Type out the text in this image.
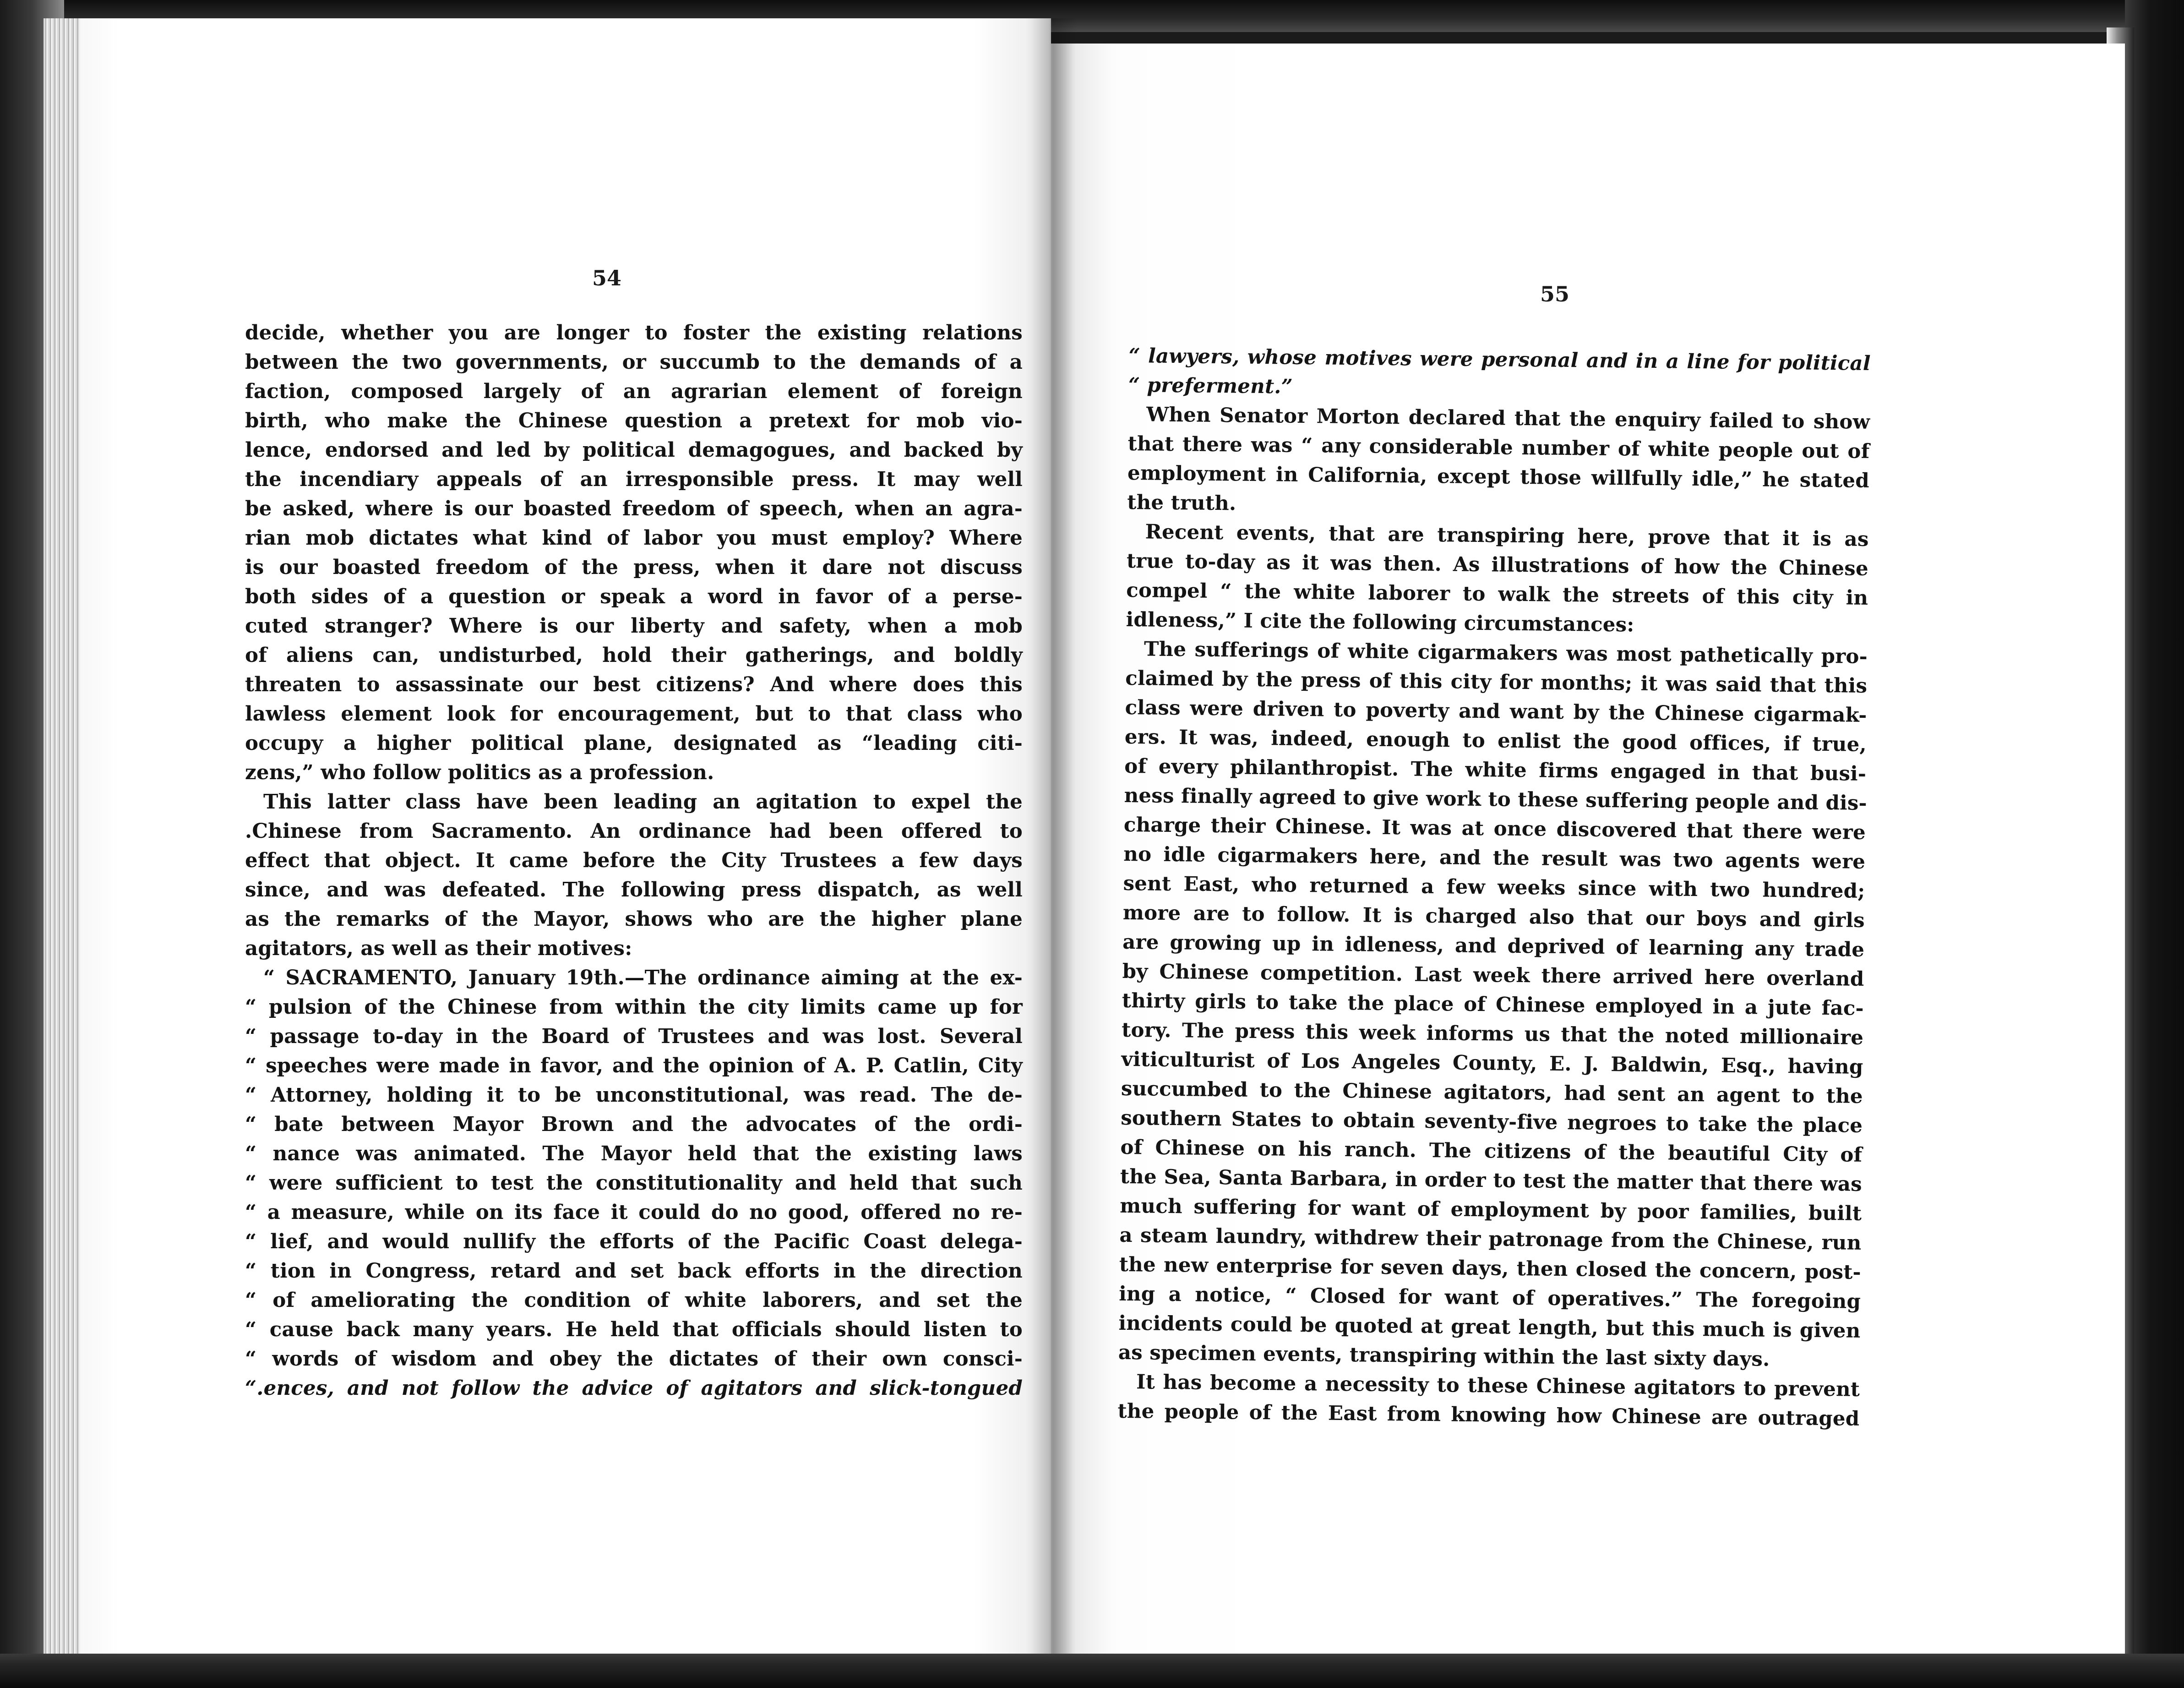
55
“ lawyers, whose motives were personal and in a line for political
“ preferment.”
When Senator Morton declared that the enquiry failed to show
that there was “ any considerable number of white people out of
employment in California, except those willfully idle,” he stated
the truth.
Recent events, that are transpiring here, prove that it is as
true to-day as it was then. As illustrations of how the Chinese
compel “ the white laborer to walk the streets of this city in
idleness,” I cite the following circumstances:
The sufferings of white cigarmakers was most pathetically pro-
claimed by the press of this city for months; it was said that this
class were driven to poverty and want by the Chinese cigarmak-
ers. It was, indeed, enough to enlist the good offices, if true,
of every philanthropist. The white firms engaged in that busi-
ness finally agreed to give work to these suffering people and dis-
charge their Chinese. It was at once discovered that there were
no idle cigarmakers here, and the result was two agents were
sent East, who returned a few weeks since with two hundred;
more are to follow. It is charged also that our boys and girls
are growing up in idleness, and deprived of learning any trade
by Chinese competition. Last week there arrived here overland
thirty girls to take the place of Chinese employed in a jute fac-
tory. The press this week informs us that the noted millionaire
viticulturist of Los Angeles County, E. J. Baldwin, Esq., having
succumbed to the Chinese agitators, had sent an agent to the
southern States to obtain seventy-five negroes to take the place
of Chinese on his ranch. The citizens of the beautiful City of
the Sea, Santa Barbara, in order to test the matter that there was
much suffering for want of employment by poor families, built
a steam laundry, withdrew their patronage from the Chinese, run
the new enterprise for seven days, then closed the concern, post-
ing a notice, “ Closed for want of operatives.” The foregoing
incidents could be quoted at great length, but this much is given
as specimen events, transpiring within the last sixty days.
It has become a necessity to these Chinese agitators to prevent
the people of the East from knowing how Chinese are outraged
54
decide, whether you are longer to foster the existing relations
between the two governments, or succumb to the demands of a
faction, composed largely of an agrarian element of foreign
birth, who make the Chinese question a pretext for mob vio-
lence, endorsed and led by political demagogues, and backed by
the incendiary appeals of an irresponsible press. It may well
be asked, where is our boasted freedom of speech, when an agra-
rian mob dictates what kind of labor you must employ? Where
is our boasted freedom of the press, when it dare not discuss
both sides of a question or speak a word in favor of a perse-
cuted stranger? Where is our liberty and safety, when a mob
of aliens can, undisturbed, hold their gatherings, and boldly
threaten to assassinate our best citizens? And where does this
lawless element look for encouragement, but to that class who
occupy a higher political plane, designated as “leading citi-
zens,” who follow politics as a profession.
This latter class have been leading an agitation to expel the
.Chinese from Sacramento. An ordinance had been offered to
effect that object. It came before the City Trustees a few days
since, and was defeated. The following press dispatch, as well
as the remarks of the Mayor, shows who are the higher plane
agitators, as well as their motives:
“ SACRAMENTO, January 19th.—The ordinance aiming at the ex-
“ pulsion of the Chinese from within the city limits came up for
“ passage to-day in the Board of Trustees and was lost. Several
“ speeches were made in favor, and the opinion of A. P. Catlin, City
“ Attorney, holding it to be unconstitutional, was read. The de-
“ bate between Mayor Brown and the advocates of the ordi-
“ nance was animated. The Mayor held that the existing laws
“ were sufficient to test the constitutionality and held that such
“ a measure, while on its face it could do no good, offered no re-
“ lief, and would nullify the efforts of the Pacific Coast delega-
“ tion in Congress, retard and set back efforts in the direction
“ of ameliorating the condition of white laborers, and set the
“ cause back many years. He held that officials should listen to
“ words of wisdom and obey the dictates of their own consci-
“.ences, and not follow the advice of agitators and slick-tongued
